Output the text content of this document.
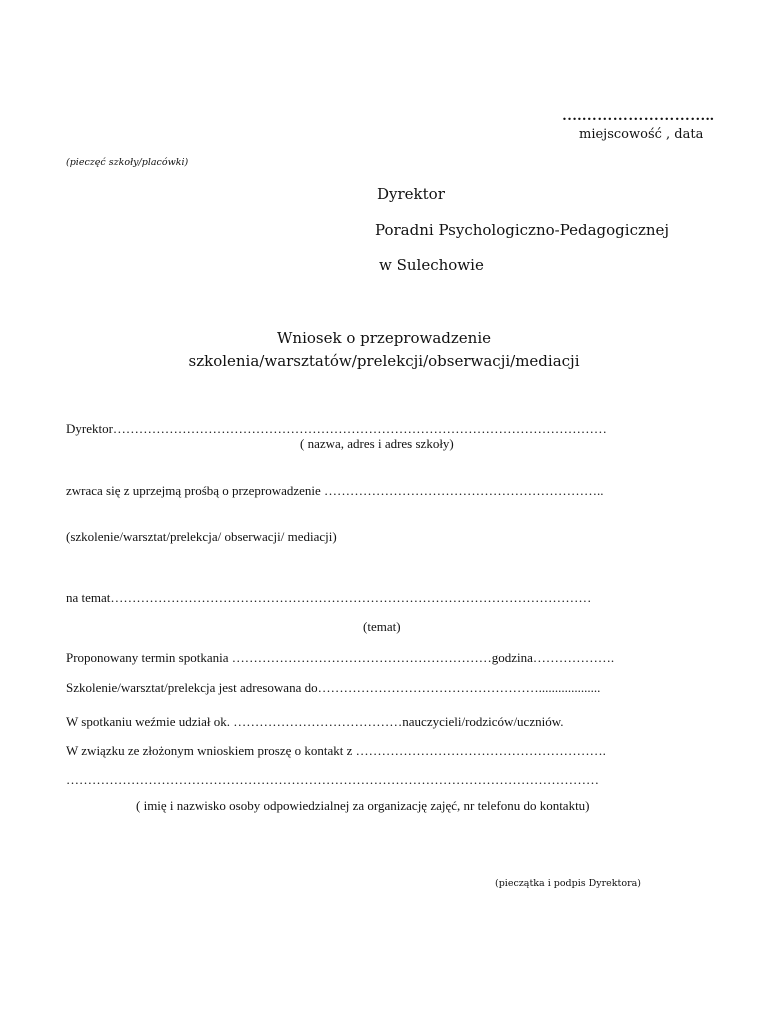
….……………………..
miejscowość , data
(pieczęć szkoły/placówki)
Dyrektor
Poradni Psychologiczno-Pedagogicznej
w Sulechowie
Wniosek o przeprowadzenie
szkolenia/warsztatów/prelekcji/obserwacji/mediacji
Dyrektor……………………………………………………………………………………………………
( nazwa, adres i adres szkoły)
zwraca się z uprzejmą prośbą o przeprowadzenie ………………………………………………………..
(szkolenie/warsztat/prelekcja/ obserwacji/ mediacji)
na temat…………………………………………………………………………………………………
(temat)
Proponowany termin spotkania ……………………………………………………godzina……………….
Szkolenie/warsztat/prelekcja jest adresowana do……………………………………………...................
W spotkaniu weźmie udział ok. …………………………………nauczycieli/rodziców/uczniów.
W związku ze złożonym wnioskiem proszę o kontakt z ………………………………………………….
……………………………………………………………………………………………………………
( imię i nazwisko osoby odpowiedzialnej za organizację zajęć, nr telefonu do kontaktu)
(pieczątka i podpis Dyrektora)
